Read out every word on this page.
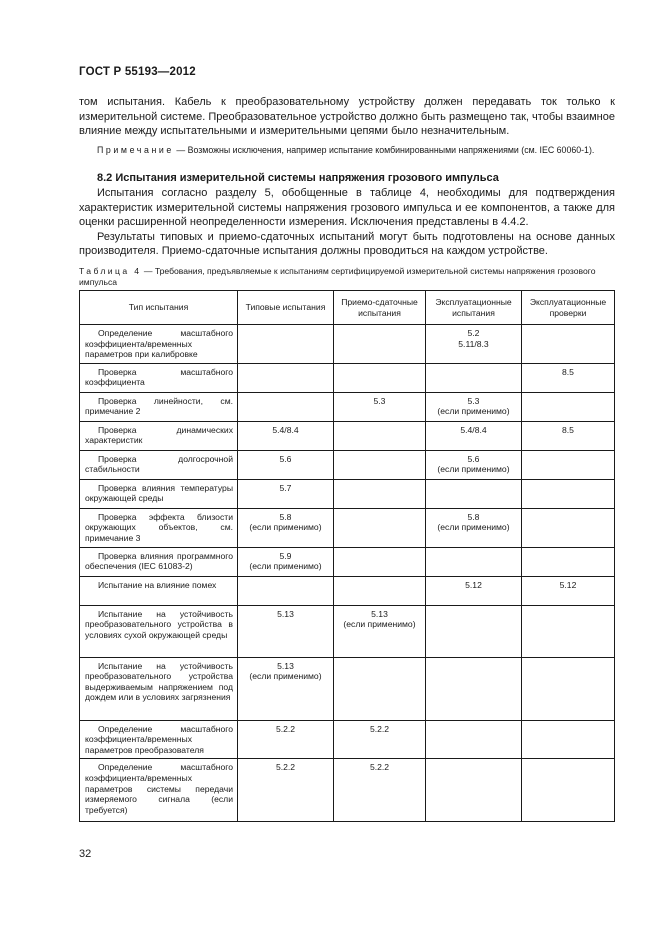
ГОСТ Р 55193—2012

том испытания. Кабель к преобразовательному устройству должен передавать ток только к измерительной системе. Преобразовательное устройство должно быть размещено так, чтобы взаимное влияние между испытательными и измерительными цепями было незначительным.

Примечание — Возможны исключения, например испытание комбинированными напряжениями (см. IEC 60060-1).

8.2 Испытания измерительной системы напряжения грозового импульса

Испытания согласно разделу 5, обобщенные в таблице 4, необходимы для подтверждения характеристик измерительной системы напряжения грозового импульса и ее компонентов, а также для оценки расширенной неопределенности измерения. Исключения представлены в 4.4.2.

Результаты типовых и приемо-сдаточных испытаний могут быть подготовлены на основе данных производителя. Приемо-сдаточные испытания должны проводиться на каждом устройстве.

Таблица 4 — Требования, предъявляемые к испытаниям сертифицируемой измерительной системы напряжения грозового импульса
Тип испытания	Типовые испытания	Приемо-сдаточные испытания	Эксплуатационные испытания	Эксплуатационные проверки

Определение масштабного коэффициента/временных параметров при калибровке			5.2
5.11/8.3	

Проверка масштабного коэффициента				8.5

Проверка линейности, см. примечание 2		5.3	5.3
(если применимо)	

Проверка динамических характеристик	5.4/8.4		5.4/8.4	8.5

Проверка долгосрочной стабильности	5.6		5.6
(если применимо)	

Проверка влияния температуры окружающей среды	5.7			

Проверка эффекта близости окружающих объектов, см. примечание 3	5.8
(если применимо)		5.8
(если применимо)	

Проверка влияния программного обеспечения (IEC 61083-2)	5.9
(если применимо)			

Испытание на влияние помех			5.12	5.12

Испытание на устойчивость преобразовательного устройства в условиях сухой окружающей среды	5.13	5.13
(если применимо)		

Испытание на устойчивость преобразовательного устройства выдерживаемым напряжением под дождем или в условиях загрязнения	5.13
(если применимо)			

Определение масштабного коэффициента/временных параметров преобразователя	5.2.2	5.2.2		

Определение масштабного коэффициента/временных параметров системы передачи измеряемого сигнала (если требуется)	5.2.2	5.2.2		
32
